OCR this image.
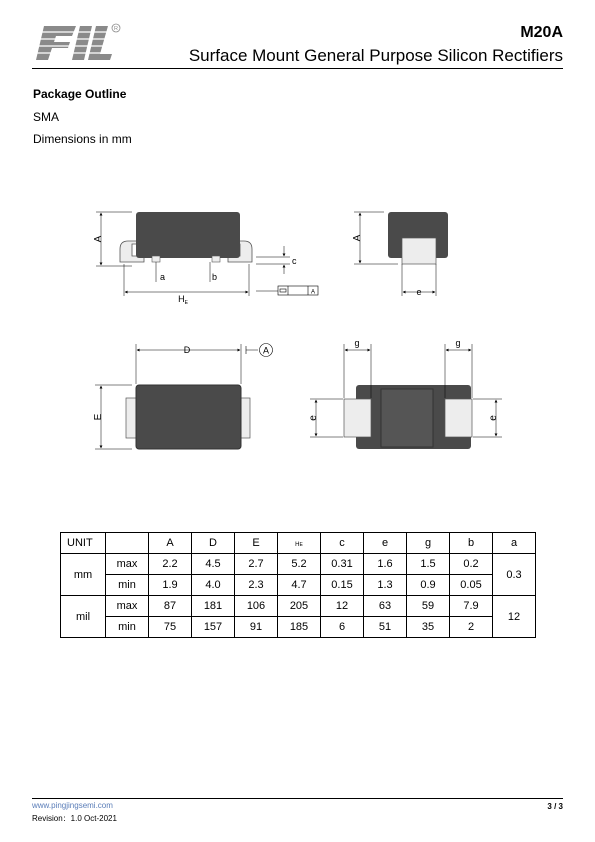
R	M20A
Surface Mount General Purpose Silicon Rectifiers
Package Outline
SMA
Dimensions in mm
A
a	b
c
$H_E$
A
A
e
D	A
E
g	g
e	e
UNIT		A	D	E	HE	c	e	g	b	a
mm	max	2.2	4.5	2.7	5.2	0.31	1.6	1.5	0.2	0.3
	min	1.9	4.0	2.3	4.7	0.15	1.3	0.9	0.05	
mil	max	87	181	106	205	12	63	59	7.9	12
	min	75	157	91	185	6	51	35	2	
www.pingjingsemi.com
Revision：1.0 Oct-2021
3 / 3
